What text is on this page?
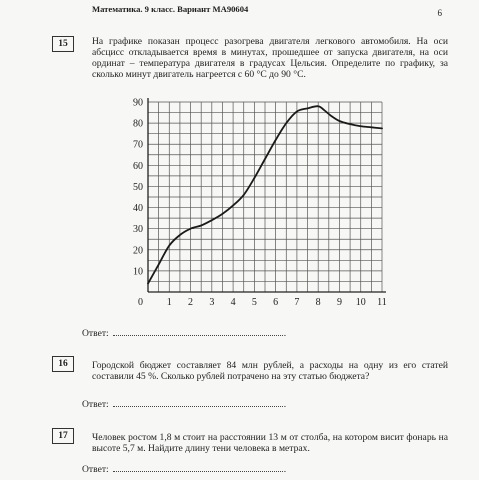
Математика. 9 класс. Вариант МА90604	6
15	На графике показан процесс разогрева двигателя легкового автомобиля. На оси абсцисс откладывается время в минутах, прошедшее от запуска двигателя, на оси ординат – температура двигателя в градусах Цельсия. Определите по графику, за сколько минут двигатель нагреется с 60 °С до 90 °С.
1 2 3 4 5 6 7 8 9 10 11
10
20
30
40
50
60
70
80
90
0
Ответ:	.
16	Городской бюджет составляет 84 млн рублей, а расходы на одну из его статей составили 45 %. Сколько рублей потрачено на эту статью бюджета?
Ответ:	.
17	Человек ростом 1,8 м стоит на расстоянии 13 м от столба, на котором висит фонарь на высоте 5,7 м. Найдите длину тени человека в метрах.
Ответ:	.
